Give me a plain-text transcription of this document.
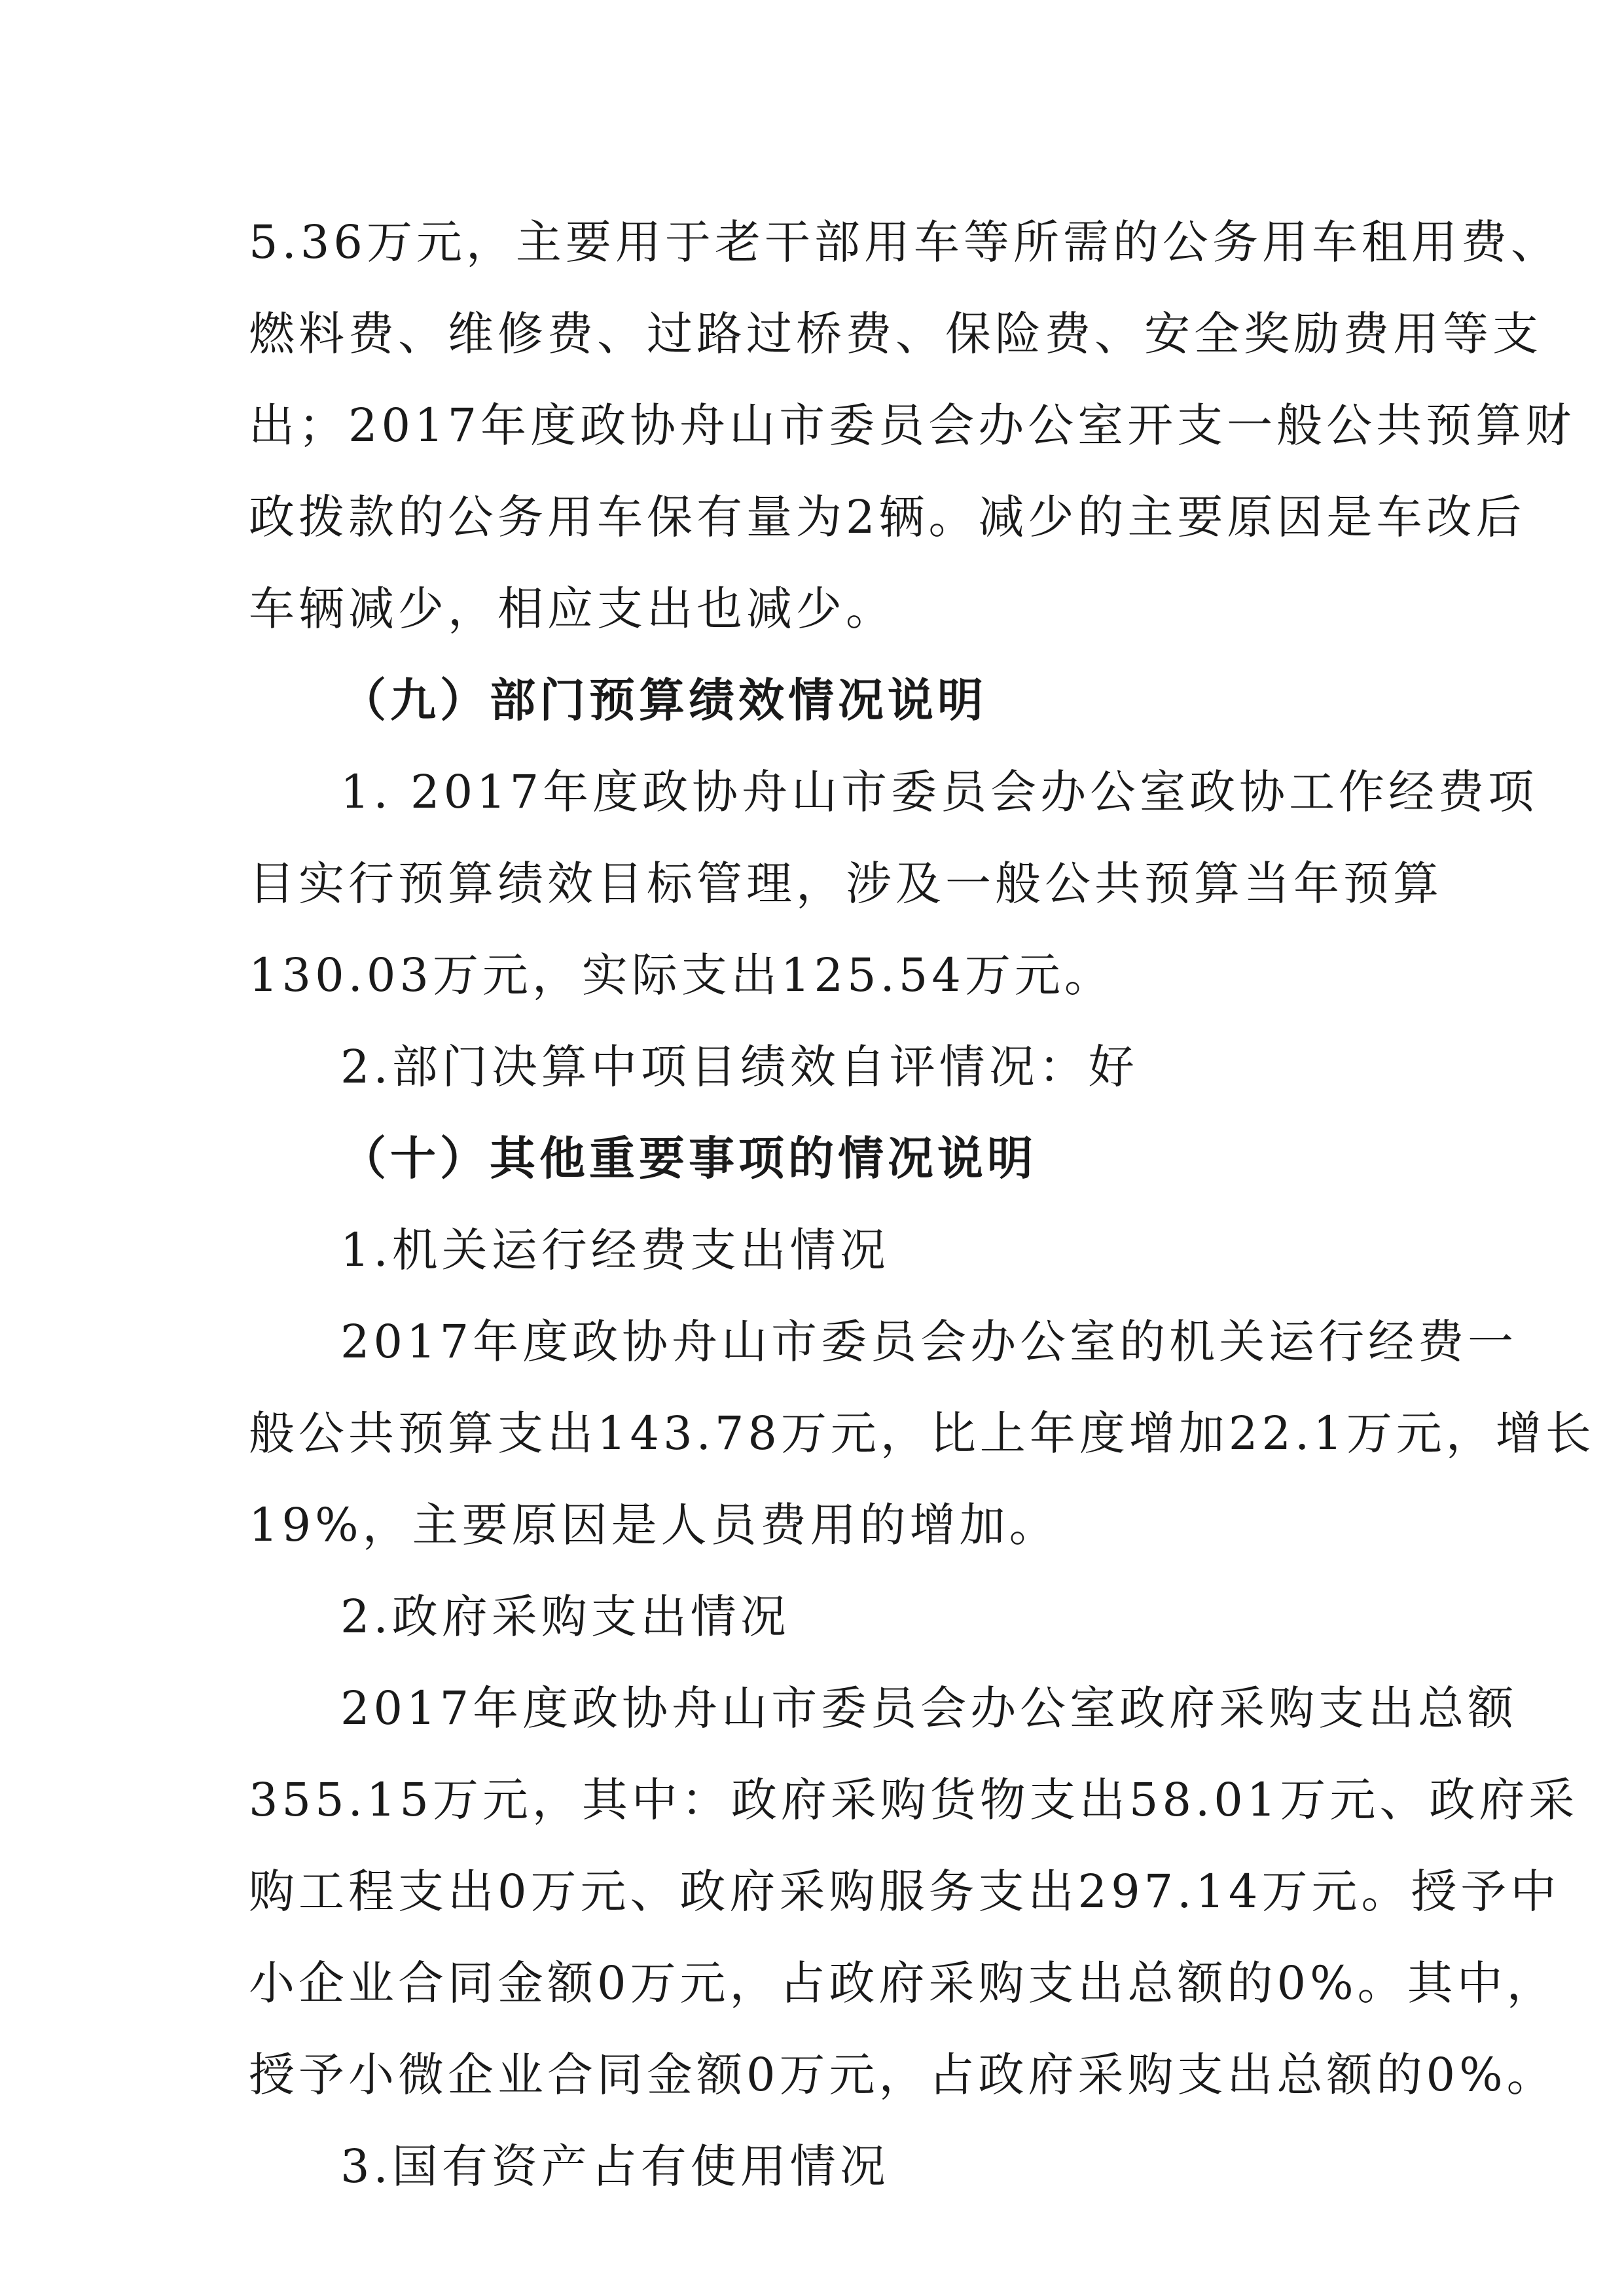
5.36万元，主要用于老干部用车等所需的公务用车租用费、
燃料费、维修费、过路过桥费、保险费、安全奖励费用等支
出；2017年度政协舟山市委员会办公室开支一般公共预算财
政拨款的公务用车保有量为2辆。减少的主要原因是车改后
车辆减少，相应支出也减少。
（九）部门预算绩效情况说明
1. 2017年度政协舟山市委员会办公室政协工作经费项
目实行预算绩效目标管理，涉及一般公共预算当年预算
130.03万元，实际支出125.54万元。
2.部门决算中项目绩效自评情况：好
（十）其他重要事项的情况说明
1.机关运行经费支出情况
2017年度政协舟山市委员会办公室的机关运行经费一
般公共预算支出143.78万元，比上年度增加22.1万元，增长
19%，主要原因是人员费用的增加。
2.政府采购支出情况
2017年度政协舟山市委员会办公室政府采购支出总额
355.15万元，其中：政府采购货物支出58.01万元、政府采
购工程支出0万元、政府采购服务支出297.14万元。授予中
小企业合同金额0万元，占政府采购支出总额的0%。其中，
授予小微企业合同金额0万元，占政府采购支出总额的0%。
3.国有资产占有使用情况
